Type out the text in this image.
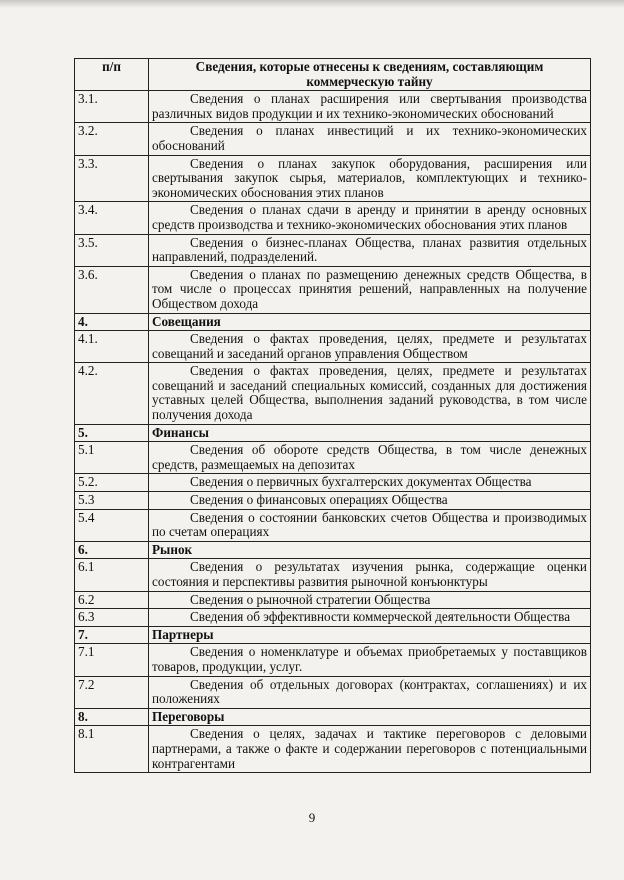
п/п	Сведения, которые отнесены к сведениям, составляющим коммерческую тайну
3.1.	Сведения о планах расширения или свертывания производства различных видов продукции и их технико-экономических обоснований
3.2.	Сведения о планах инвестиций и их технико-экономических обоснований
3.3.	Сведения о планах закупок оборудования, расширения или свертывания закупок сырья, материалов, комплектующих и технико-экономических обоснования этих планов
3.4.	Сведения о планах сдачи в аренду и принятии в аренду основных средств производства и технико-экономических обоснования этих планов
3.5.	Сведения о бизнес-планах Общества, планах развития отдельных направлений, подразделений.
3.6.	Сведения о планах по размещению денежных средств Общества, в том числе о процессах принятия решений, направленных на получение Обществом дохода
4.	Совещания
4.1.	Сведения о фактах проведения, целях, предмете и результатах совещаний и заседаний органов управления Обществом
4.2.	Сведения о фактах проведения, целях, предмете и результатах совещаний и заседаний специальных комиссий, созданных для достижения уставных целей Общества, выполнения заданий руководства, в том числе получения дохода
5.	Финансы
5.1	Сведения об обороте средств Общества, в том числе денежных средств, размещаемых на депозитах
5.2.	Сведения о первичных бухгалтерских документах Общества
5.3	Сведения о финансовых операциях Общества
5.4	Сведения о состоянии банковских счетов Общества и производимых по счетам операциях
6.	Рынок
6.1	Сведения о результатах изучения рынка, содержащие оценки состояния и перспективы развития рыночной конъюнктуры
6.2	Сведения о рыночной стратегии Общества
6.3	Сведения об эффективности коммерческой деятельности Общества
7.	Партнеры
7.1	Сведения о номенклатуре и объемах приобретаемых у поставщиков товаров, продукции, услуг.
7.2	Сведения об отдельных договорах (контрактах, соглашениях) и их положениях
8.	Переговоры
8.1	Сведения о целях, задачах и тактике переговоров с деловыми партнерами, а также о факте и содержании переговоров с потенциальными контрагентами
9
